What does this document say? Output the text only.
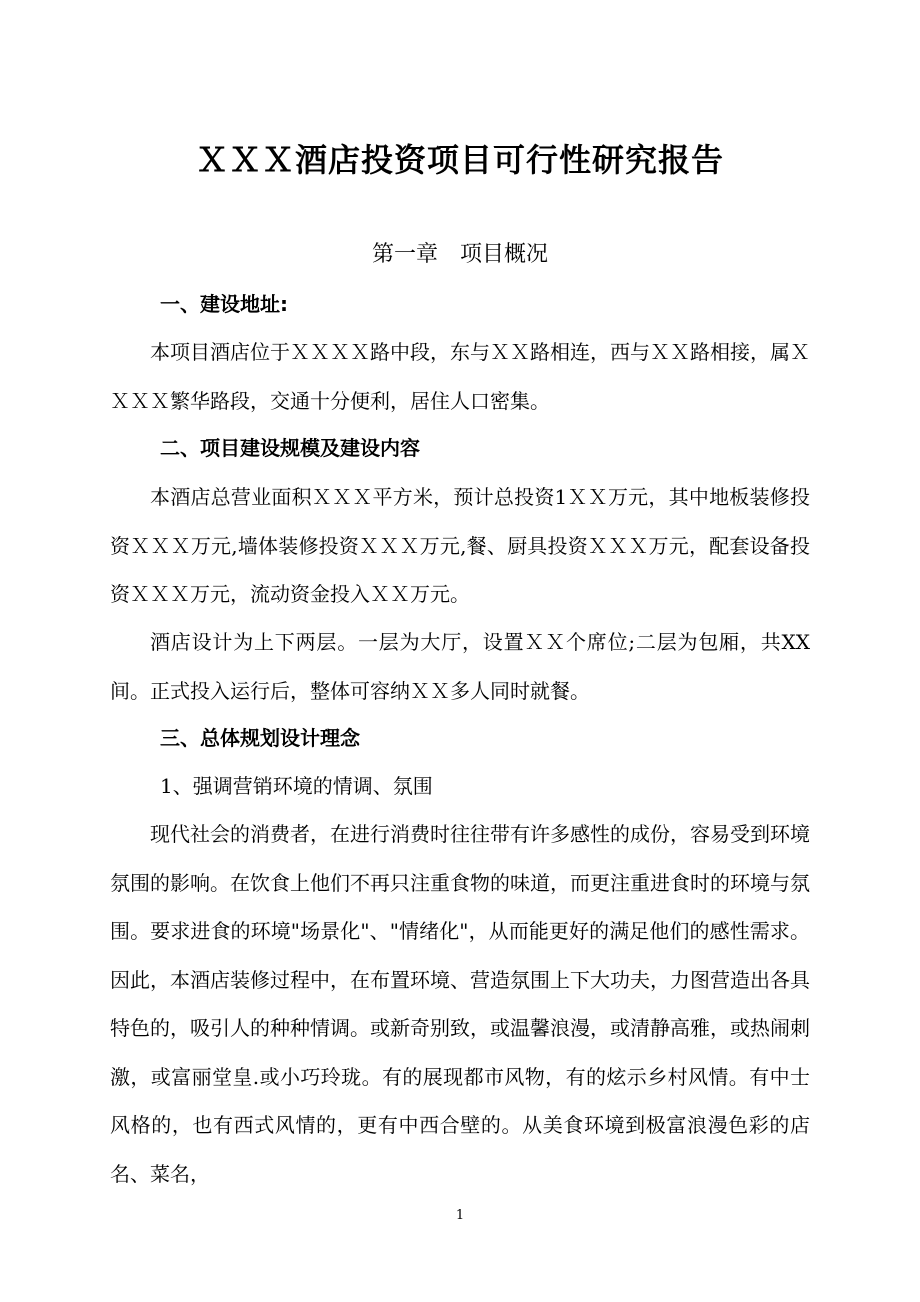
ＸＸＸ酒店投资项目可行性研究报告
第一章　项目概况
一、建设地址:

本项目酒店位于ＸＸＸＸ路中段，东与ＸＸ路相连，西与ＸＸ路相接，属ＸＸＸＸ繁华路段，交通十分便利，居住人口密集。

二、项目建设规模及建设内容

本酒店总营业面积ＸＸＸ平方米，预计总投资1ＸＸ万元，其中地板装修投资ＸＸＸ万元,墙体装修投资ＸＸＸ万元,餐、厨具投资ＸＸＸ万元，配套设备投资ＸＸＸ万元，流动资金投入ＸＸ万元。

酒店设计为上下两层。一层为大厅，设置ＸＸ个席位;二层为包厢，共XX间。正式投入运行后，整体可容纳ＸＸ多人同时就餐。

三、总体规划设计理念
1、强调营销环境的情调、氛围

现代社会的消费者，在进行消费时往往带有许多感性的成份，容易受到环境氛围的影响。在饮食上他们不再只注重食物的味道，而更注重进食时的环境与氛围。要求进食的环境"场景化"、"情绪化"，从而能更好的满足他们的感性需求。因此，本酒店装修过程中，在布置环境、营造氛围上下大功夫，力图营造出各具特色的，吸引人的种种情调。或新奇别致，或温馨浪漫，或清静高雅，或热闹刺激，或富丽堂皇.或小巧玲珑。有的展现都市风物，有的炫示乡村风情。有中士风格的，也有西式风情的，更有中西合壁的。从美食环境到极富浪漫色彩的店名、菜名，

1
